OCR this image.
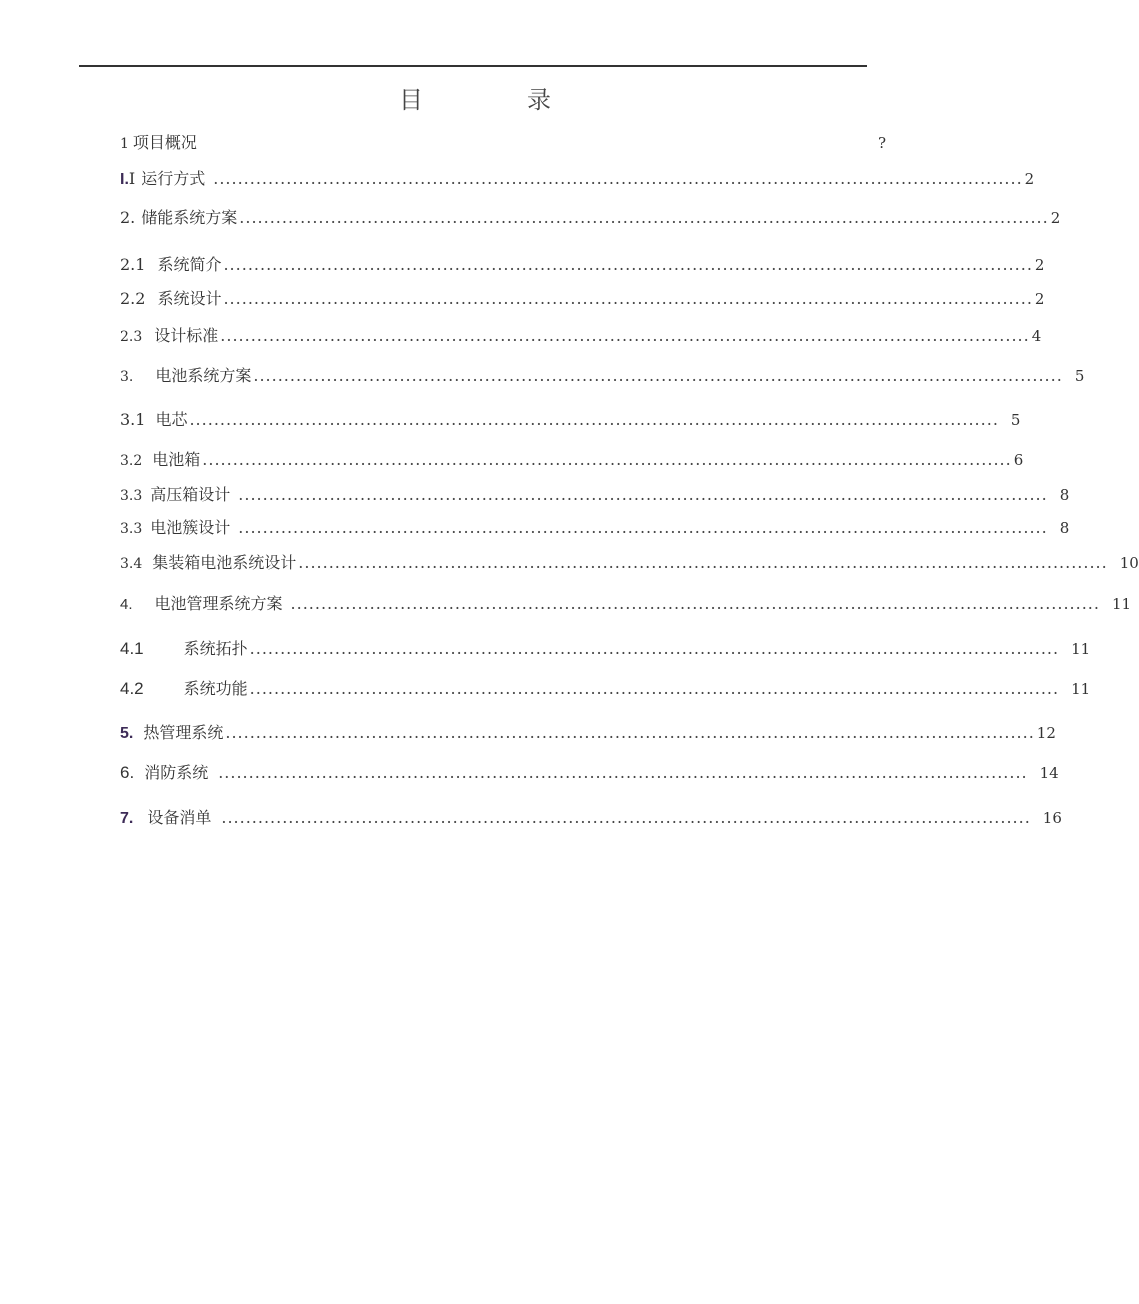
目　录
1 项目概况	?
I. I 运行方式 ..................................................................................................................................... 2
2. 储能系统方案 ..................................................................................................................................... 2
2.1 系统简介 ..................................................................................................................................... 2
2.2 系统设计 ..................................................................................................................................... 2
2.3 设计标准 ..................................................................................................................................... 4
3. 电池系统方案 ..................................................................................................................................... 5
3.1 电芯 ..................................................................................................................................... 5
3.2 电池箱 ..................................................................................................................................... 6
3.3 高压箱设计 ..................................................................................................................................... 8
3.3 电池簇设计 ..................................................................................................................................... 8
3.4 集装箱电池系统设计 ..................................................................................................................................... 10
4. 电池管理系统方案 ..................................................................................................................................... 11
4.1	系统拓扑 ..................................................................................................................................... 11
4.2	系统功能 ..................................................................................................................................... 11
5. 热管理系统 ..................................................................................................................................... 12
6. 消防系统 ..................................................................................................................................... 14
7. 设备消单 ..................................................................................................................................... 16
